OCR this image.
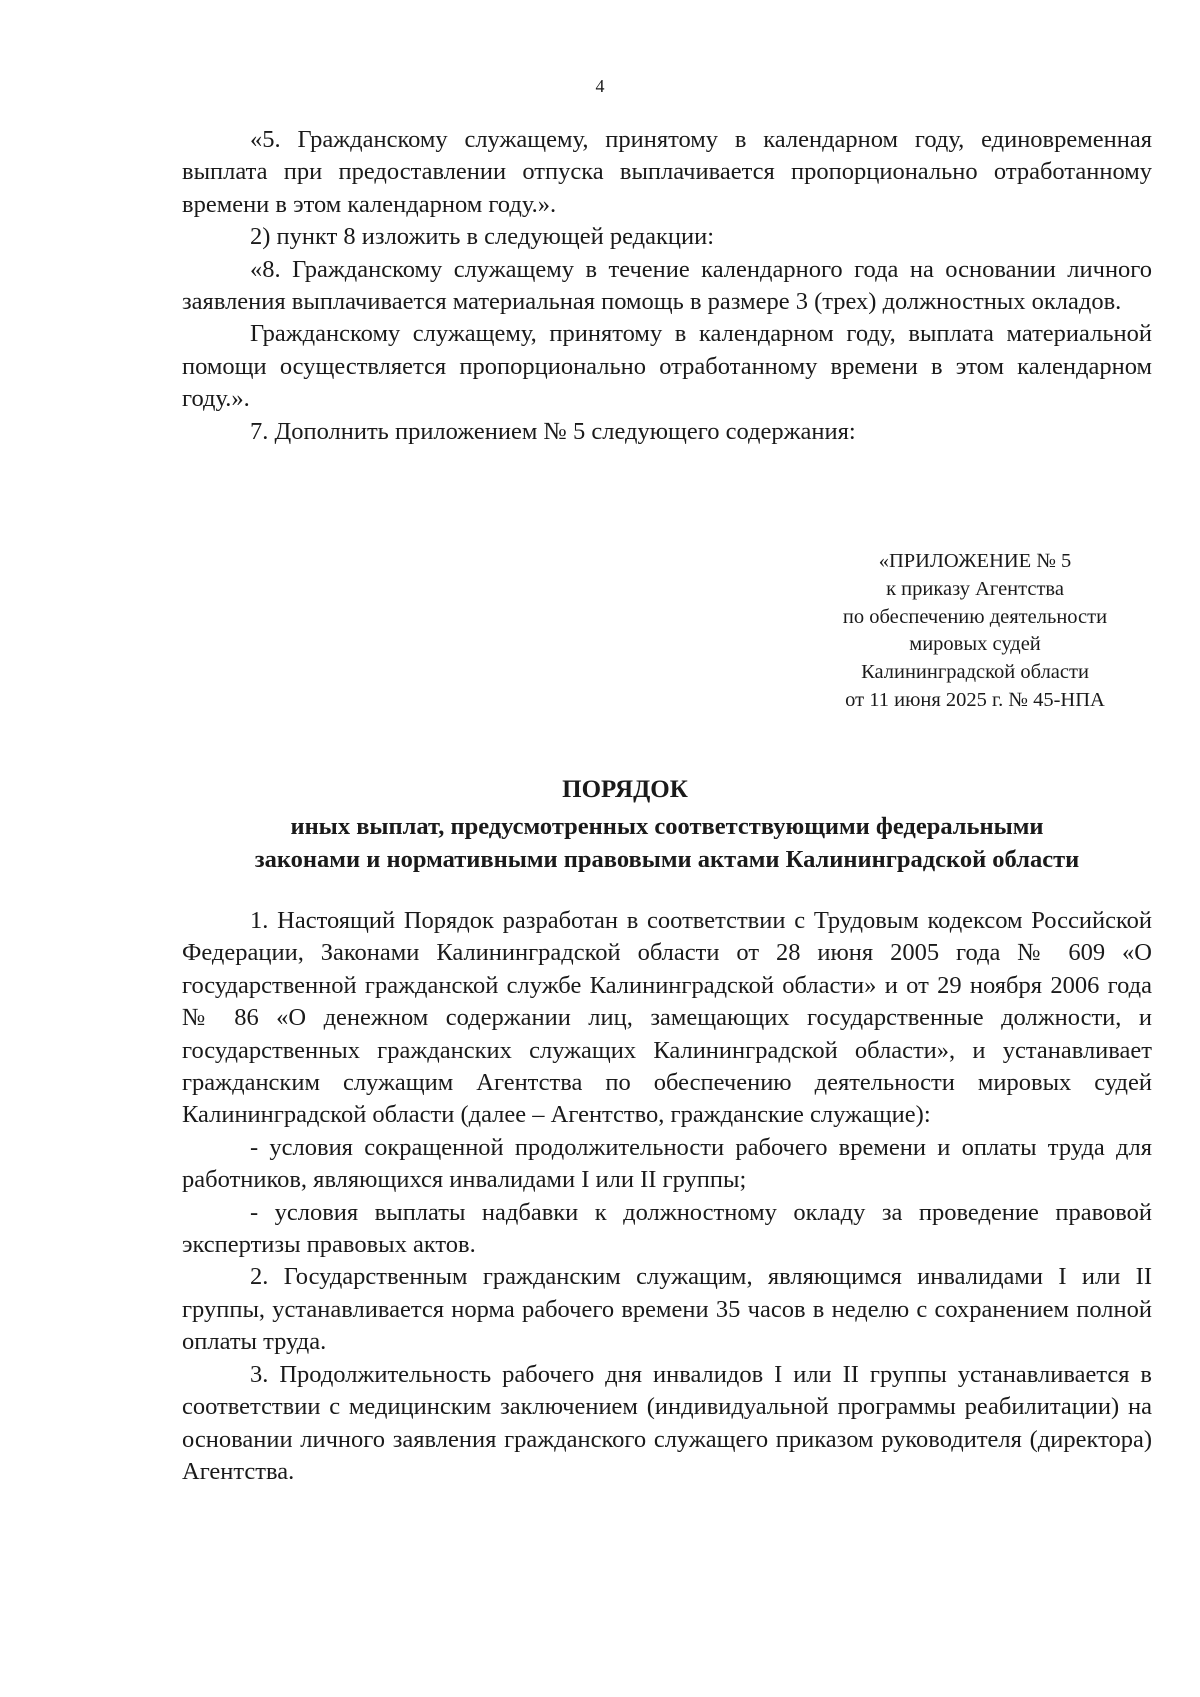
4

«5. Гражданскому служащему, принятому в календарном году, единовременная выплата при предоставлении отпуска выплачивается пропорционально отработанному времени в этом календарном году.».

2) пункт 8 изложить в следующей редакции:

«8. Гражданскому служащему в течение календарного года на основании личного заявления выплачивается материальная помощь в размере 3 (трех) должностных окладов.

Гражданскому служащему, принятому в календарном году, выплата материальной помощи осуществляется пропорционально отработанному времени в этом календарном году.».

7. Дополнить приложением № 5 следующего содержания:

«ПРИЛОЖЕНИЕ № 5
к приказу Агентства
по обеспечению деятельности
мировых судей
Калининградской области
от 11 июня 2025 г. № 45-НПА
ПОРЯДОК
иных выплат, предусмотренных соответствующими федеральными
законами и нормативными правовыми актами Калининградской области

1. Настоящий Порядок разработан в соответствии с Трудовым кодексом Российской Федерации, Законами Калининградской области от 28 июня 2005 года № 609 «О государственной гражданской службе Калининградской области» и от 29 ноября 2006 года № 86 «О денежном содержании лиц, замещающих государственные должности, и государственных гражданских служащих Калининградской области», и устанавливает гражданским служащим Агентства по обеспечению деятельности мировых судей Калининградской области (далее – Агентство, гражданские служащие):

- условия сокращенной продолжительности рабочего времени и оплаты труда для работников, являющихся инвалидами I или II группы;

- условия выплаты надбавки к должностному окладу за проведение правовой экспертизы правовых актов.

2. Государственным гражданским служащим, являющимся инвалидами I или II группы, устанавливается норма рабочего времени 35 часов в неделю с сохранением полной оплаты труда.

3. Продолжительность рабочего дня инвалидов I или II группы устанавливается в соответствии с медицинским заключением (индивидуальной программы реабилитации) на основании личного заявления гражданского служащего приказом руководителя (директора) Агентства.
